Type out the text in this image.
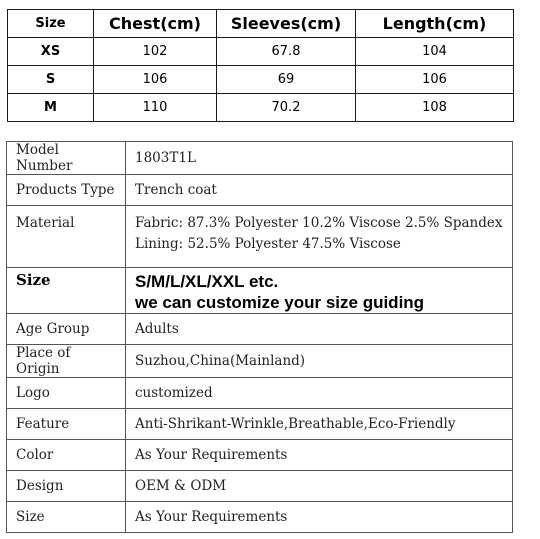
Size	Chest(cm)	Sleeves(cm)	Length(cm)
XS	102	67.8	104
S	106	69	106
M	110	70.2	108
Model Number	1803T1L
Products Type	Trench coat
Material	Fabric: 87.3% Polyester 10.2% Viscose 2.5% Spandex
Lining: 52.5% Polyester 47.5% Viscose

Size	S/M/L/XL/XXL etc.
we can customize your size guiding

Age Group	Adults
Place of Origin	Suzhou,China(Mainland)
Logo	customized
Feature	Anti-Shrikant-Wrinkle,Breathable,Eco-Friendly
Color	As Your Requirements
Design	OEM & ODM
Size	As Your Requirements
